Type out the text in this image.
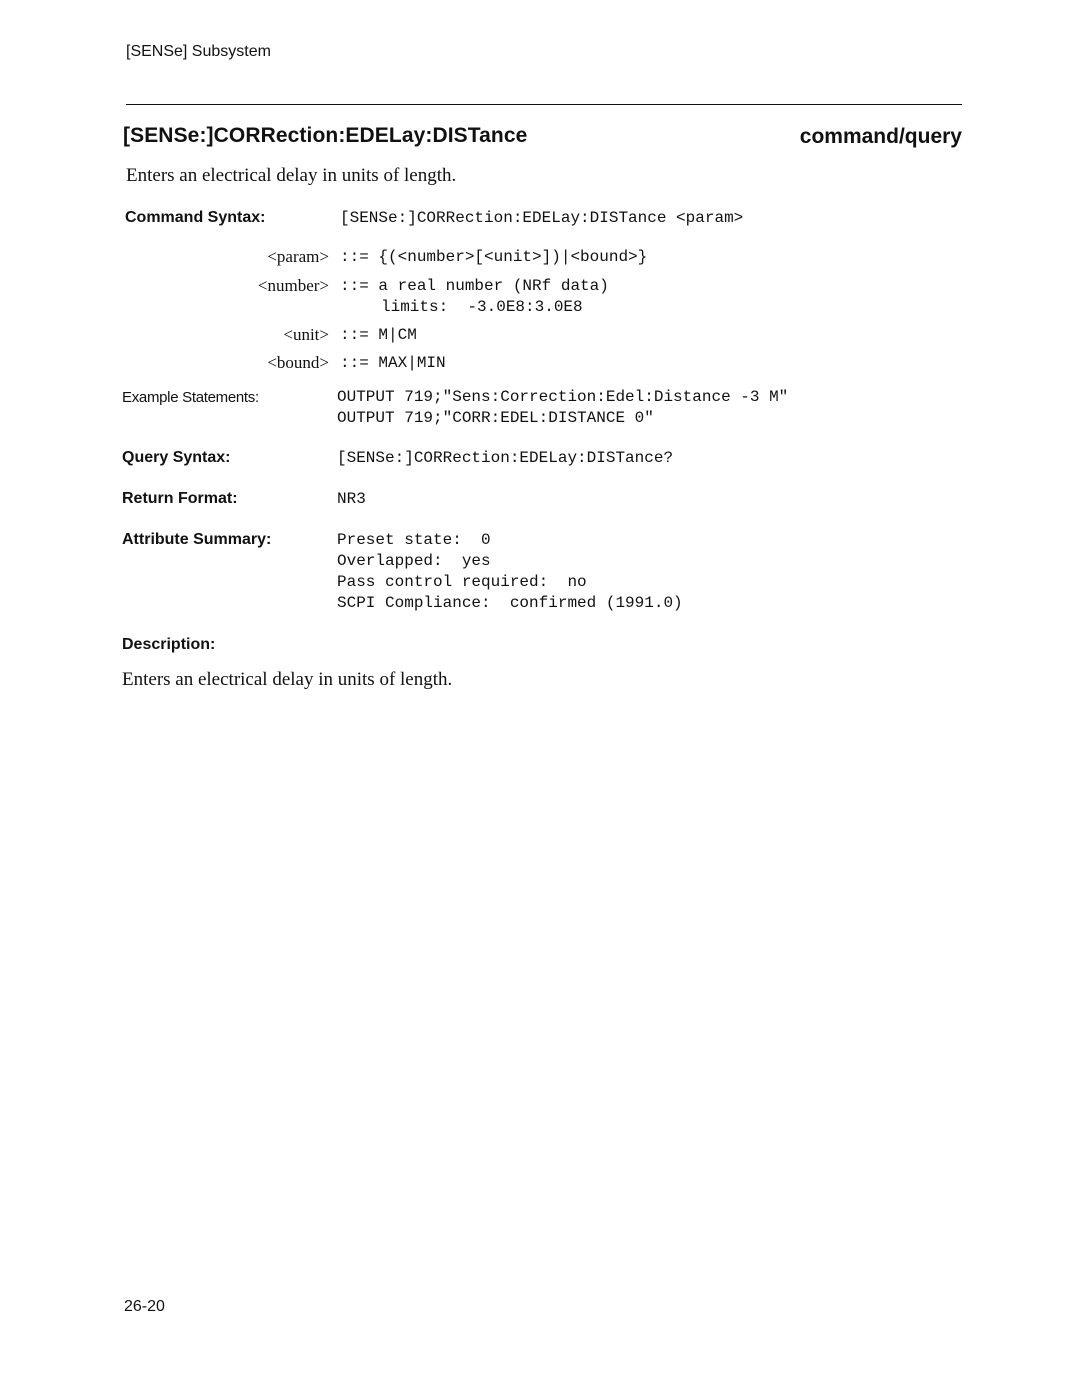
[SENSe] Subsystem
[SENSe:]CORRection:EDELay:DISTance	command/query
Enters an electrical delay in units of length.
Command Syntax:	[SENSe:]CORRection:EDELay:DISTance <param>
<param> ::= {(<number>[<unit>])|<bound>}
<number> ::= a real number (NRf data)
limits:  -3.0E8:3.0E8
<unit> ::= M|CM
<bound> ::= MAX|MIN
Example Statements:	OUTPUT 719;"Sens:Correction:Edel:Distance -3 M"
OUTPUT 719;"CORR:EDEL:DISTANCE 0"
Query Syntax:	[SENSe:]CORRection:EDELay:DISTance?
Return Format:	NR3
Attribute Summary:	Preset state:  0
Overlapped:  yes
Pass control required:  no
SCPI Compliance:  confirmed (1991.0)
Description:
Enters an electrical delay in units of length.
26-20
